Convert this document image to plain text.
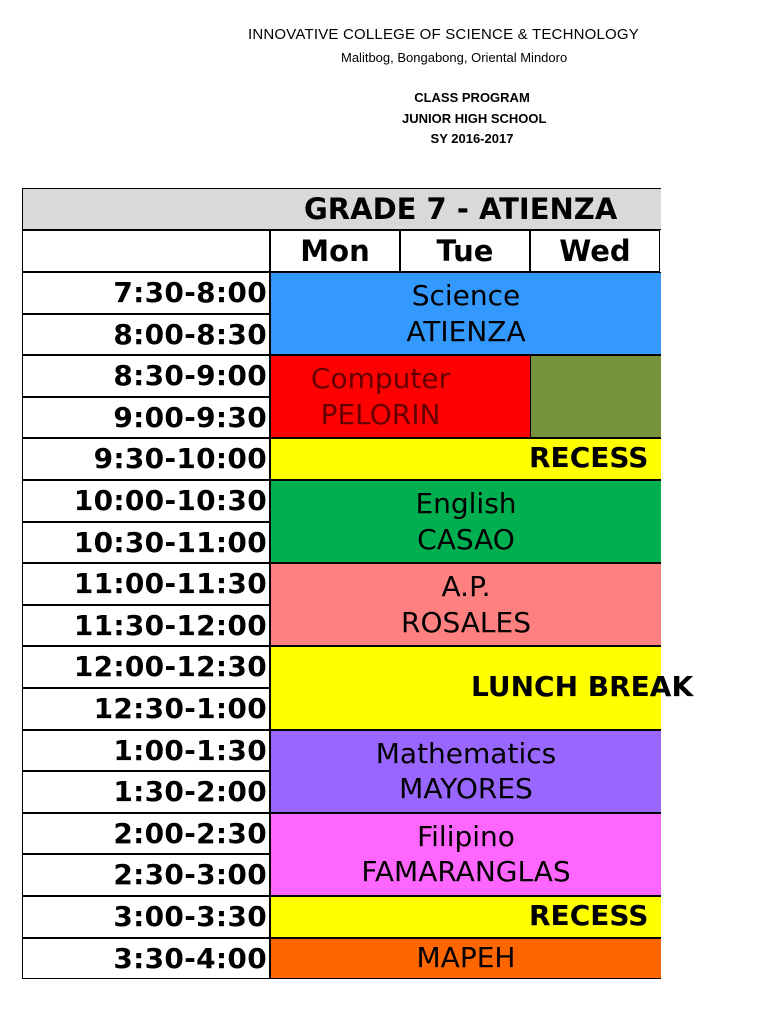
INNOVATIVE COLLEGE OF SCIENCE & TECHNOLOGY
Malitbog, Bongabong, Oriental Mindoro
CLASS PROGRAM
JUNIOR HIGH SCHOOL
SY 2016-2017
GRADE 7 - ATIENZA
Mon	Tue	Wed
7:30-8:00
8:00-8:30
8:30-9:00
9:00-9:30
9:30-10:00
10:00-10:30
10:30-11:00
11:00-11:30
11:30-12:00
12:00-12:30
12:30-1:00
1:00-1:30
1:30-2:00
2:00-2:30
2:30-3:00
3:00-3:30
3:30-4:00
Science
ATIENZA
Computer
PELORIN
RECESS
English
CASAO
A.P.
ROSALES
LUNCH BREAK
Mathematics
MAYORES
Filipino
FAMARANGLAS
RECESS
MAPEH
